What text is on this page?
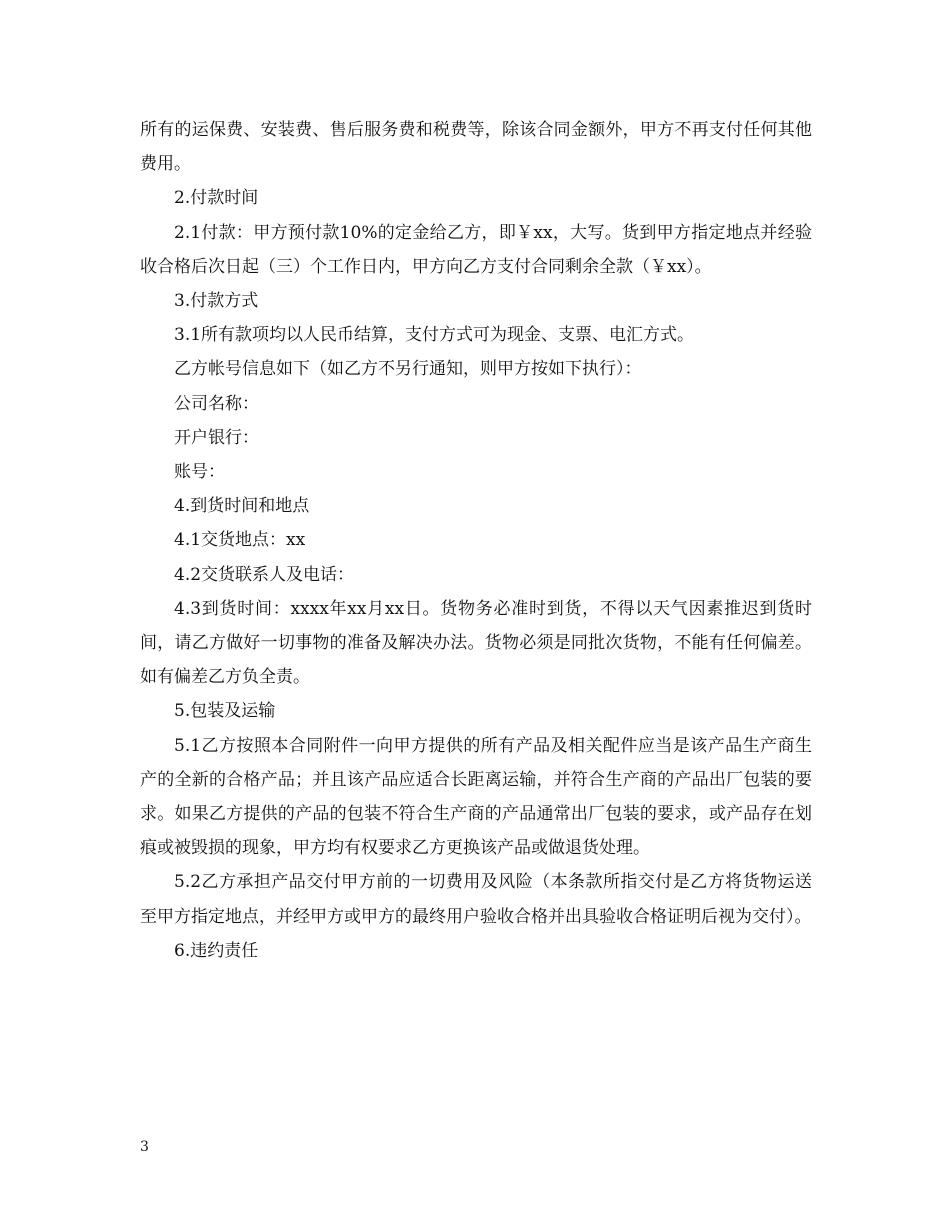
所有的运保费、安装费、售后服务费和税费等，除该合同金额外，甲方不再支付任何其他费用。

2.付款时间

2.1付款：甲方预付款10%的定金给乙方，即￥xx，大写。货到甲方指定地点并经验收合格后次日起（三）个工作日内，甲方向乙方支付合同剩余全款（￥xx）。

3.付款方式

3.1所有款项均以人民币结算，支付方式可为现金、支票、电汇方式。

乙方帐号信息如下（如乙方不另行通知，则甲方按如下执行）：

公司名称：

开户银行：

账号：

4.到货时间和地点

4.1交货地点：xx

4.2交货联系人及电话：

4.3到货时间：xxxx年xx月xx日。货物务必准时到货，不得以天气因素推迟到货时间，请乙方做好一切事物的准备及解决办法。货物必须是同批次货物，不能有任何偏差。如有偏差乙方负全责。

5.包装及运输

5.1乙方按照本合同附件一向甲方提供的所有产品及相关配件应当是该产品生产商生产的全新的合格产品；并且该产品应适合长距离运输，并符合生产商的产品出厂包装的要求。如果乙方提供的产品的包装不符合生产商的产品通常出厂包装的要求，或产品存在划痕或被毁损的现象，甲方均有权要求乙方更换该产品或做退货处理。

5.2乙方承担产品交付甲方前的一切费用及风险（本条款所指交付是乙方将货物运送至甲方指定地点，并经甲方或甲方的最终用户验收合格并出具验收合格证明后视为交付）。

6.违约责任

3
